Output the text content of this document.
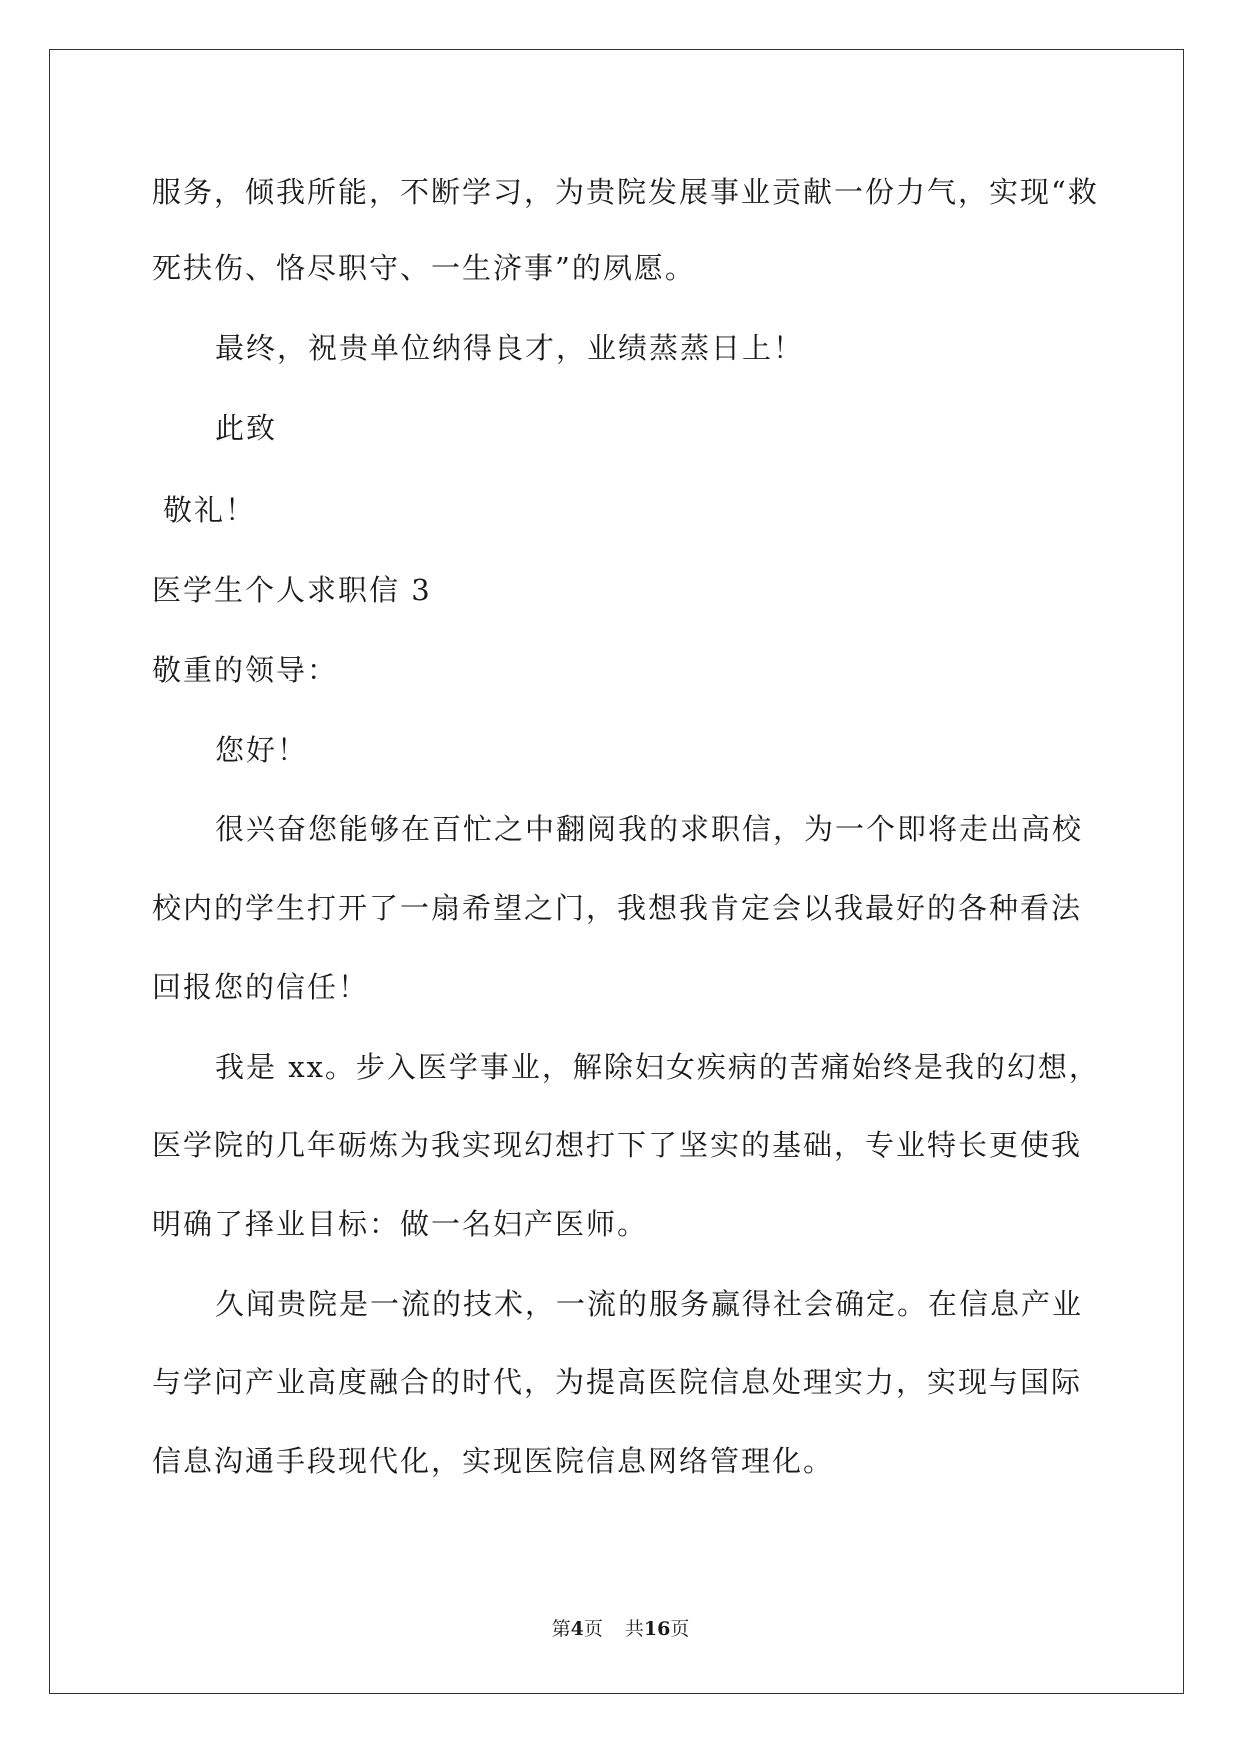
服务，倾我所能，不断学习，为贵院发展事业贡献一份力气，实现“救
死扶伤、恪尽职守、一生济事”的夙愿。
最终，祝贵单位纳得良才，业绩蒸蒸日上！
此致
敬礼！
医学生个人求职信 3
敬重的领导：
您好！
很兴奋您能够在百忙之中翻阅我的求职信，为一个即将走出高校
校内的学生打开了一扇希望之门，我想我肯定会以我最好的各种看法
回报您的信任！
我是 xx。步入医学事业，解除妇女疾病的苦痛始终是我的幻想，
医学院的几年砺炼为我实现幻想打下了坚实的基础，专业特长更使我
明确了择业目标：做一名妇产医师。
久闻贵院是一流的技术，一流的服务赢得社会确定。在信息产业
与学问产业高度融合的时代，为提高医院信息处理实力，实现与国际
信息沟通手段现代化，实现医院信息网络管理化。
第4页 共16页
